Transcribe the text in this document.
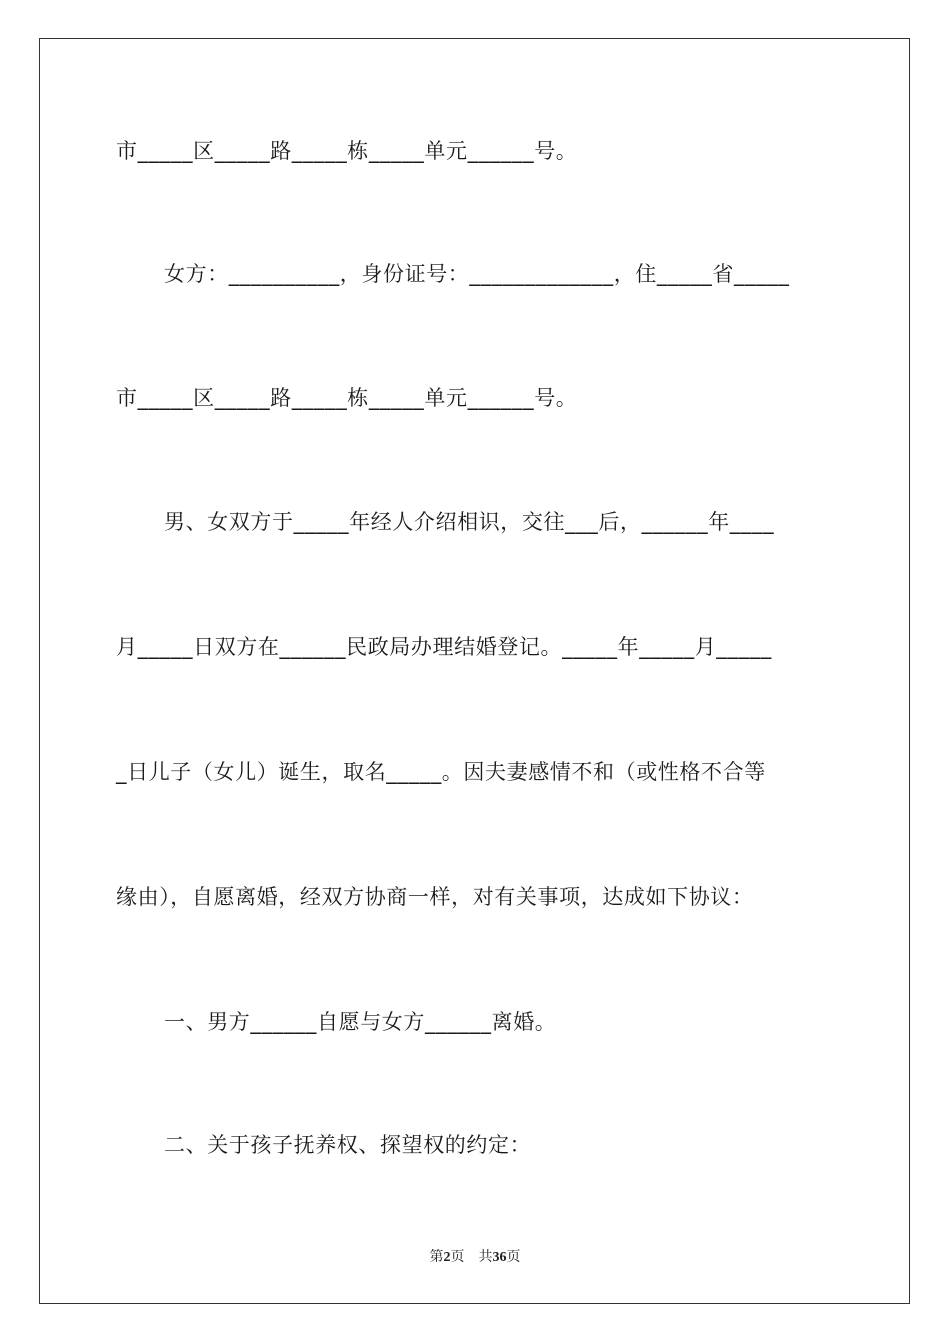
市_____区_____路_____栋_____单元______号。
女方：__________，身份证号：_____________，住_____省_____
市_____区_____路_____栋_____单元______号。
男、女双方于_____年经人介绍相识，交往___后，______年____
月_____日双方在______民政局办理结婚登记。_____年_____月_____
_日儿子（女儿）诞生，取名_____。因夫妻感情不和（或性格不合等
缘由），自愿离婚，经双方协商一样，对有关事项，达成如下协议：
一、男方______自愿与女方______离婚。
二、关于孩子抚养权、探望权的约定：
第2页 共36页
